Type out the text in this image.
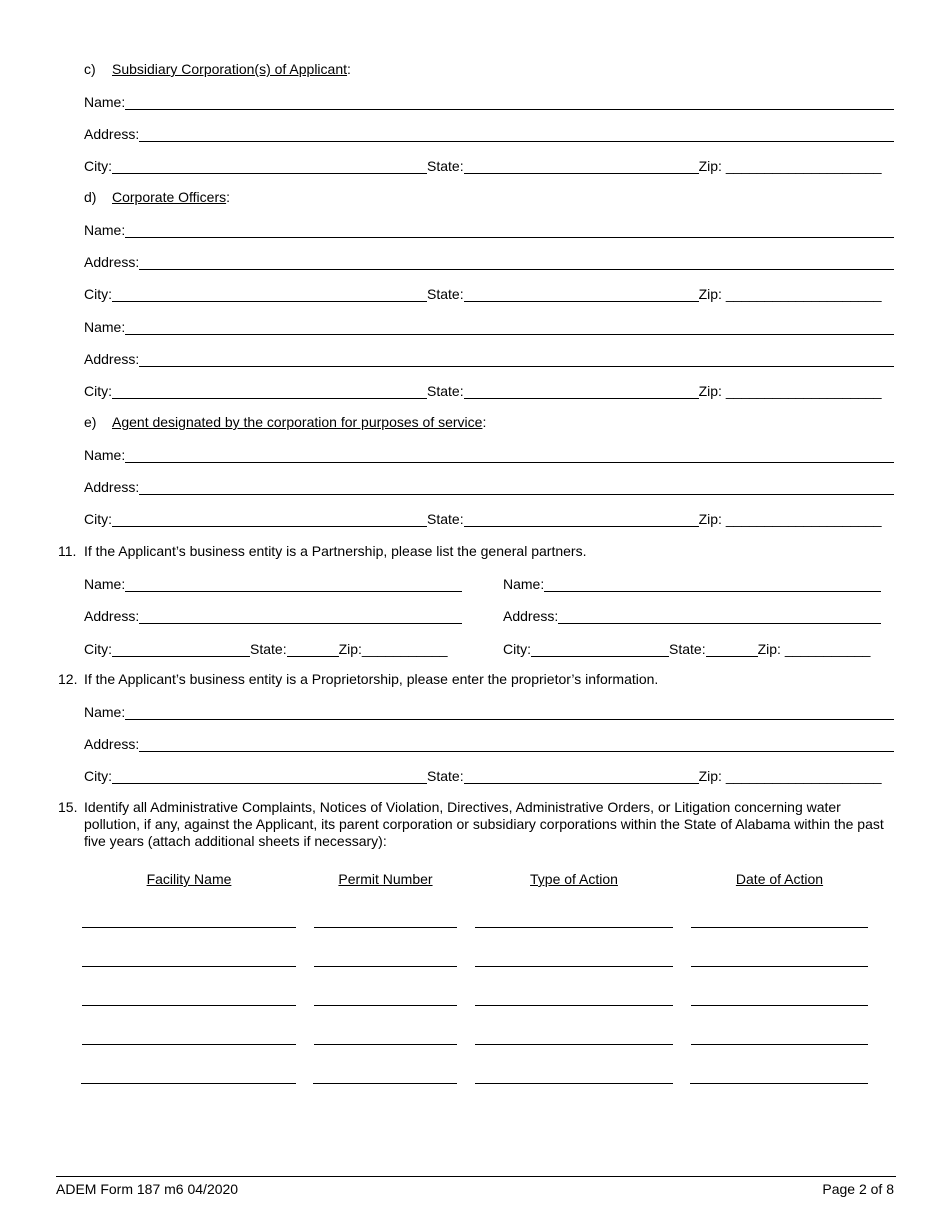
c) Subsidiary Corporation(s) of Applicant:
Name:
Address:
City:	State:	Zip: ____________________
d) Corporate Officers:
Name:
Address:
City:	State:	Zip: ____________________
Name:
Address:
City:	State:	Zip: ____________________
e) Agent designated by the corporation for purposes of service:
Name:
Address:
City:	State:	Zip: ____________________
11. If the Applicant’s business entity is a Partnership, please list the general partners.
Name:
Address:
City:	State:	Zip:___________
Name:
Address:
City:	State:	Zip: ___________
12. If the Applicant’s business entity is a Proprietorship, please enter the proprietor’s information.
Name:
Address:
City:	State:	Zip: ____________________
15. Identify all Administrative Complaints, Notices of Violation, Directives, Administrative Orders, or Litigation concerning water pollution, if any, against the Applicant, its parent corporation or subsidiary corporations within the State of Alabama within the past five years (attach additional sheets if necessary):
Facility Name	Permit Number	Type of Action	Date of Action
ADEM Form 187 m6 04/2020	Page 2 of 8
